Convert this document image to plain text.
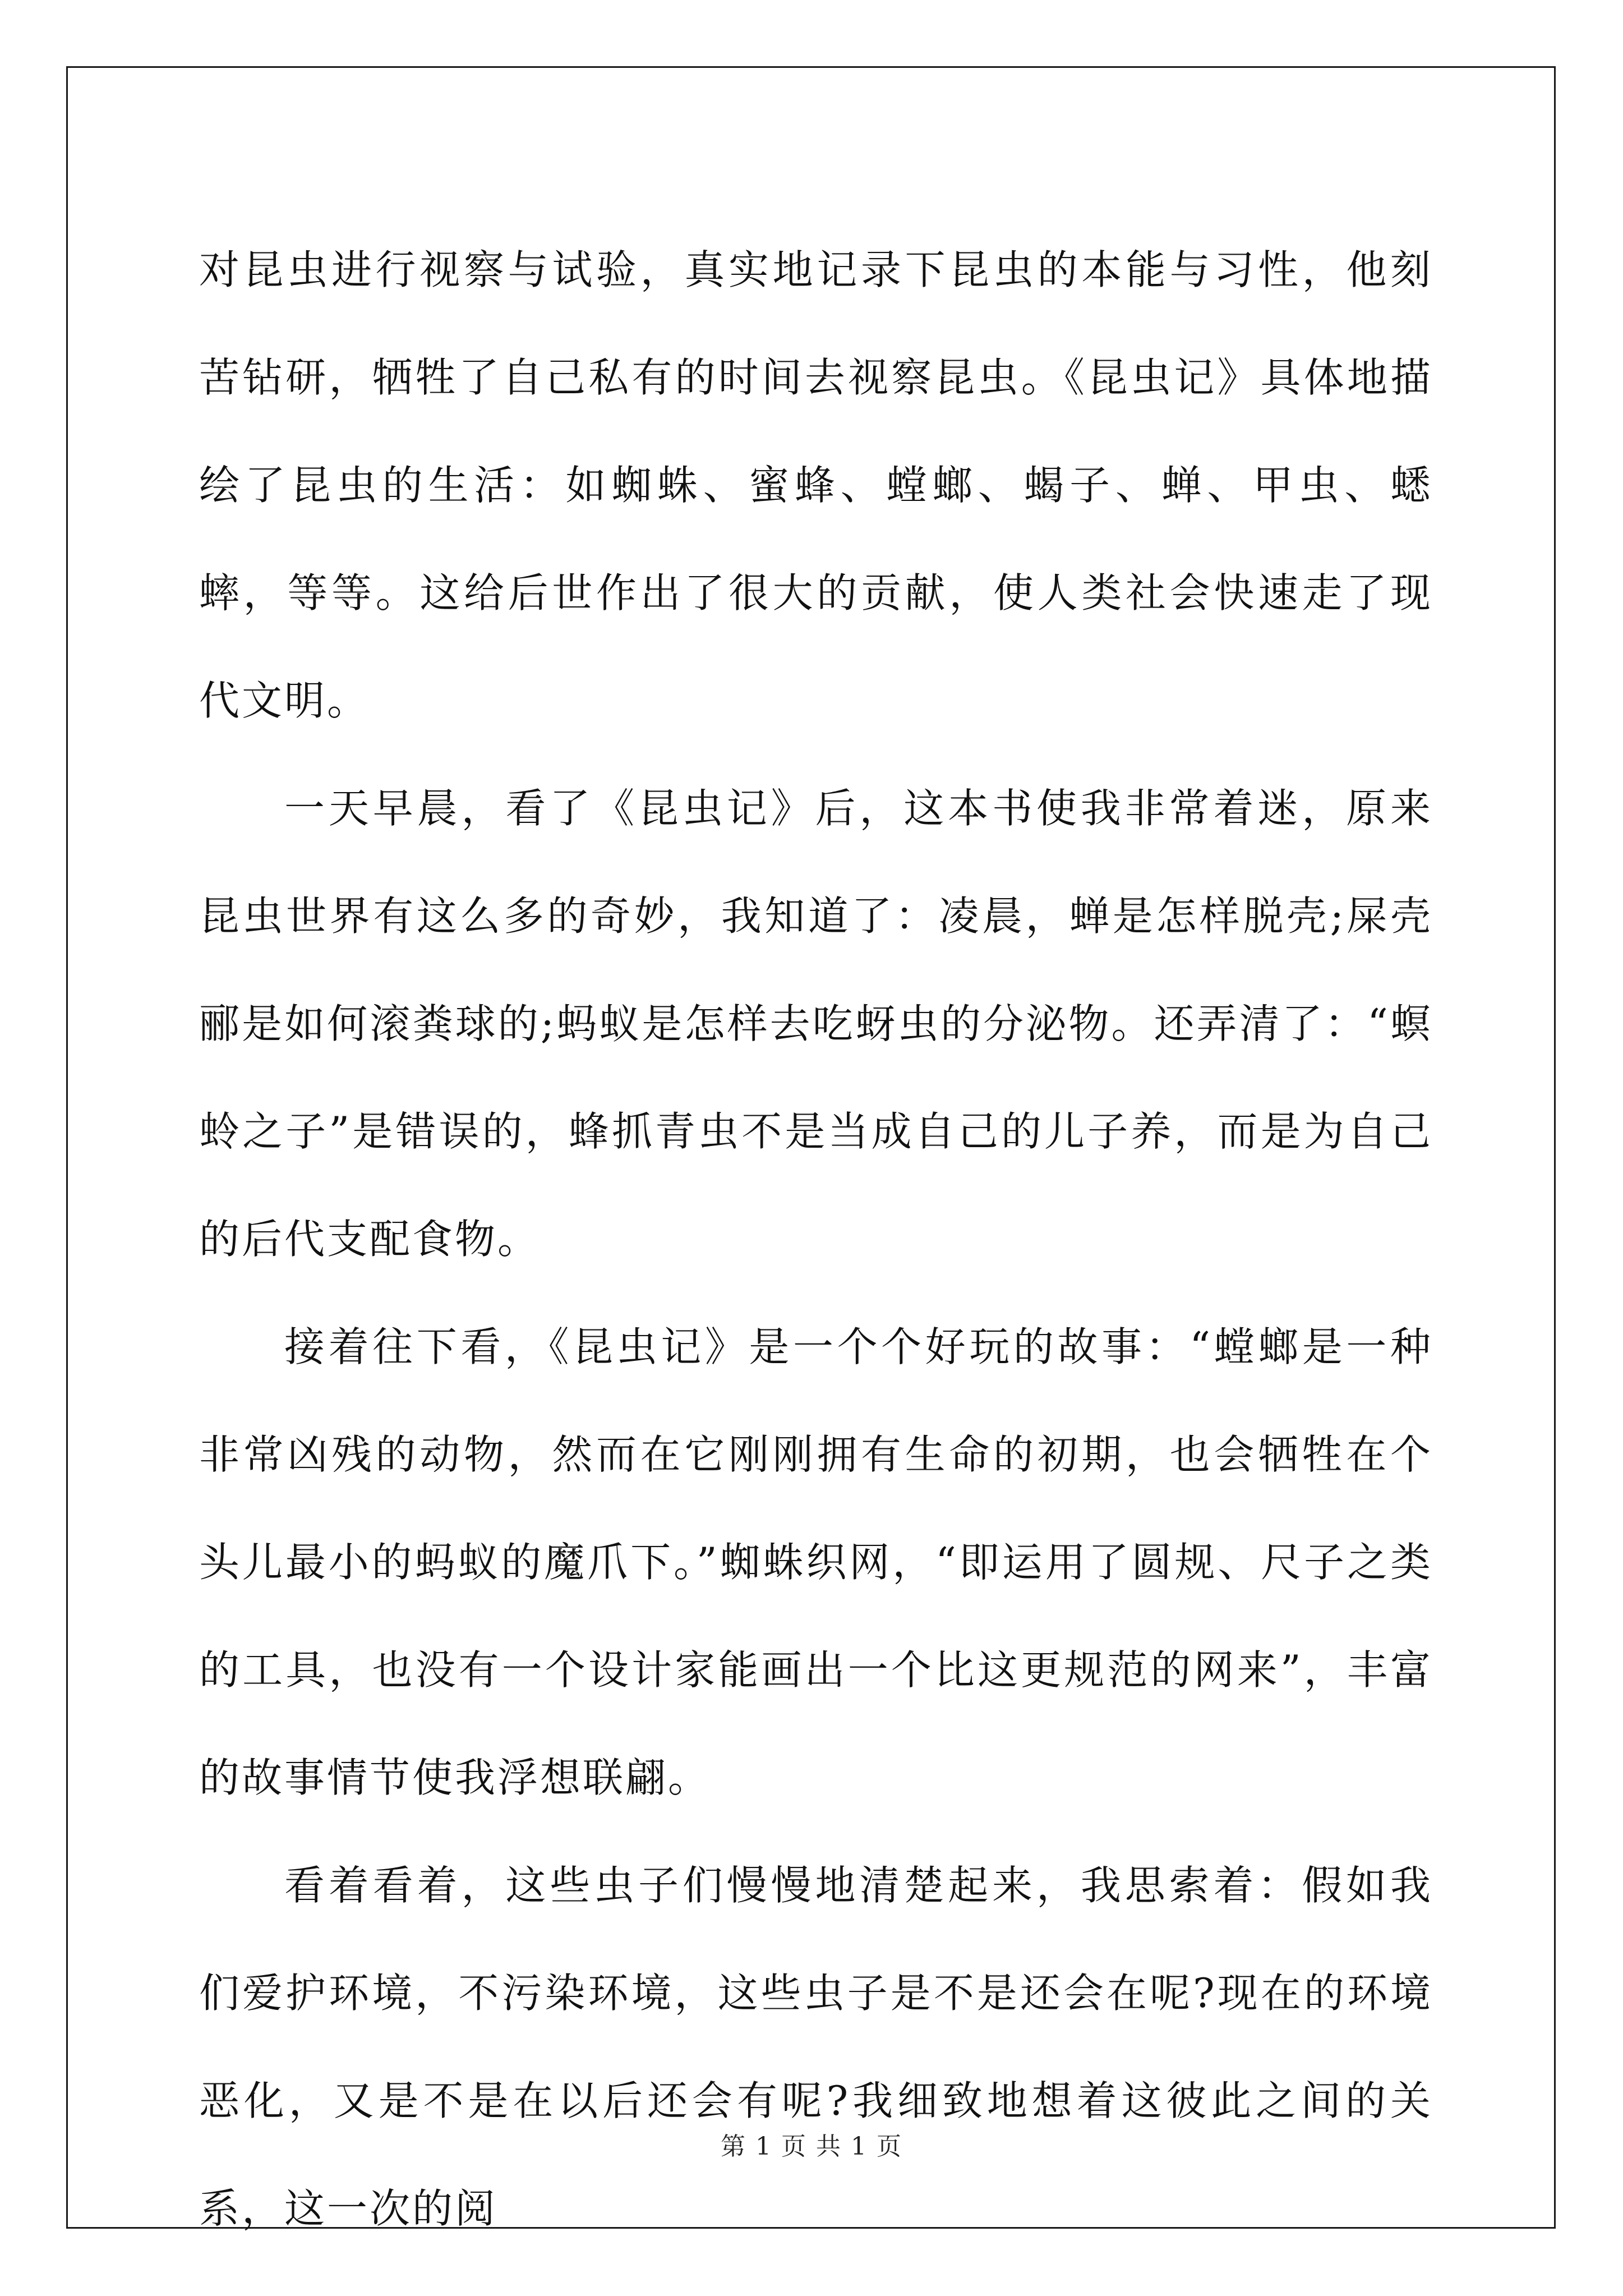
对昆虫进行视察与试验，真实地记录下昆虫的本能与习性，他刻苦钻研，牺牲了自己私有的时间去视察昆虫。《昆虫记》具体地描绘了昆虫的生活：如蜘蛛、蜜蜂、螳螂、蝎子、蝉、甲虫、蟋蟀，等等。这给后世作出了很大的贡献，使人类社会快速走了现代文明。

一天早晨，看了《昆虫记》后，这本书使我非常着迷，原来昆虫世界有这么多的奇妙，我知道了：凌晨，蝉是怎样脱壳;屎壳郦是如何滚粪球的;蚂蚁是怎样去吃蚜虫的分泌物。还弄清了：“螟蛉之子”是错误的，蜂抓青虫不是当成自己的儿子养，而是为自己的后代支配食物。

接着往下看，《昆虫记》是一个个好玩的故事：“螳螂是一种非常凶残的动物，然而在它刚刚拥有生命的初期，也会牺牲在个头儿最小的蚂蚁的魔爪下。”蜘蛛织网，“即运用了圆规、尺子之类的工具，也没有一个设计家能画出一个比这更规范的网来”，丰富的故事情节使我浮想联翩。

看着看着，这些虫子们慢慢地清楚起来，我思索着：假如我们爱护环境，不污染环境，这些虫子是不是还会在呢?现在的环境恶化，又是不是在以后还会有呢?我细致地想着这彼此之间的关系，这一次的阅

第 1 页 共 1 页
